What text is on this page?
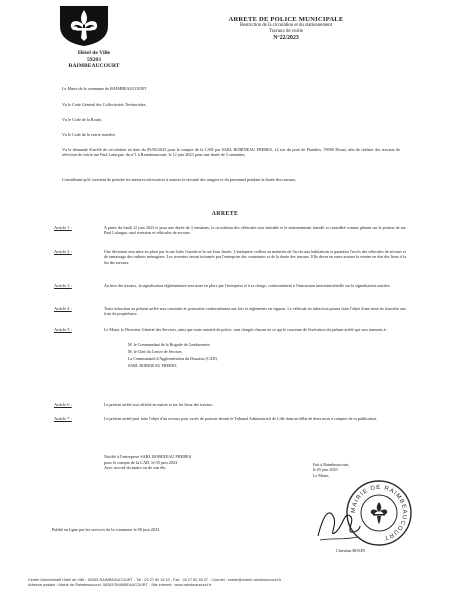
Hôtel de Ville
59283 RAIMBEAUCOURT
ARRETE DE POLICE MUNICIPALE
Restriction de la circulation et du stationnement
Travaux de voirie
N°22/2023
Le Maire de la commune de RAIMBEAUCOURT
Vu le Code Général des Collectivités Territoriales,
Vu le Code de la Route,
Vu le Code de la voirie routière,
Vu la demande d'arrêté de circulation en date du 05/06/2023 pour le compte de la CAD par SARL ROBINEAU FRERES, 14 rue du pont de Flandres, 59500 Douai, afin de réaliser des travaux de réfection de voirie rue Paul Lafargue, du n°1 à Raimbeaucourt, le 12 juin 2023 pour une durée de 3 semaines,
Considérant qu'il convient de prendre les mesures nécessaires à assurer la sécurité des usagers et du personnel pendant la durée des travaux,
ARRETE
Article 1 :	A partir du lundi 12 juin 2023 et pour une durée de 3 semaines, la circulation des véhicules sera interdite et le stationnement interdit et considéré comme gênant sur la portion de rue Paul Lafargue, sauf riverains et véhicules de secours.
Article 2 :	Une déviation sera mise en place par la rue Jules Guesde et la rue Jean Jaurès. L'entreprise veillera au maintien de l'accès aux habitations et garantira l'accès des véhicules de secours et de ramassage des ordures ménagères. Les riverains seront informés par l'entreprise des contraintes et de la durée des travaux. Elle devra en outre assurer la remise en état des lieux à la fin des travaux.
Article 3 :	Au titre des travaux, la signalisation réglementaire sera mise en place par l'entreprise et à sa charge, conformément à l'instruction interministérielle sur la signalisation routière.
Article 4 :	Toute infraction au présent arrêté sera constatée et poursuivie conformément aux lois et règlements en vigueur. Le véhicule en infraction pourra faire l'objet d'une mise en fourrière aux frais du propriétaire.
Article 5 :	Le Maire, le Directeur Général des Services, ainsi que toute autorité de police, sont chargés chacun en ce qui le concerne de l'exécution du présent arrêté qui sera transmis à :
M. le Commandant de la Brigade de Gendarmerie
M. le Chef du Centre de Secours
La Communauté d'Agglomération du Douaisis (CAD)
SARL ROBINEAU FRERES
Article 6 :	Le présent arrêté sera affiché en mairie et sur les lieux des travaux.
Article 7 :	Le présent arrêté peut faire l'objet d'un recours pour excès de pouvoir devant le Tribunal Administratif de Lille dans un délai de deux mois à compter de sa publication.
Notifié à l'entreprise SARL ROBINEAU FRERES
pour le compte de la CAD, le 05 juin 2023
Avec accord du maire ou de son élu
Fait à Raimbeaucourt,
le 05 juin 2023
Le Maire,
MAIRIE DE RAIMBEAUCOURT
Christian BOSIN
Publié en ligne par les services de la commune le 06 juin 2023
Centre Administratif Hôtel de Ville - 59283 RAIMBEAUCOURT - Tél : 03 27 80 18 10 - Fax : 03 27 80 59 27 - Courriel : mairie@mairie-raimbeaucourt.fr
Adresse postale : Mairie de Raimbeaucourt, 59283 RAIMBEAUCOURT - Site internet : www.raimbeaucourt.fr
